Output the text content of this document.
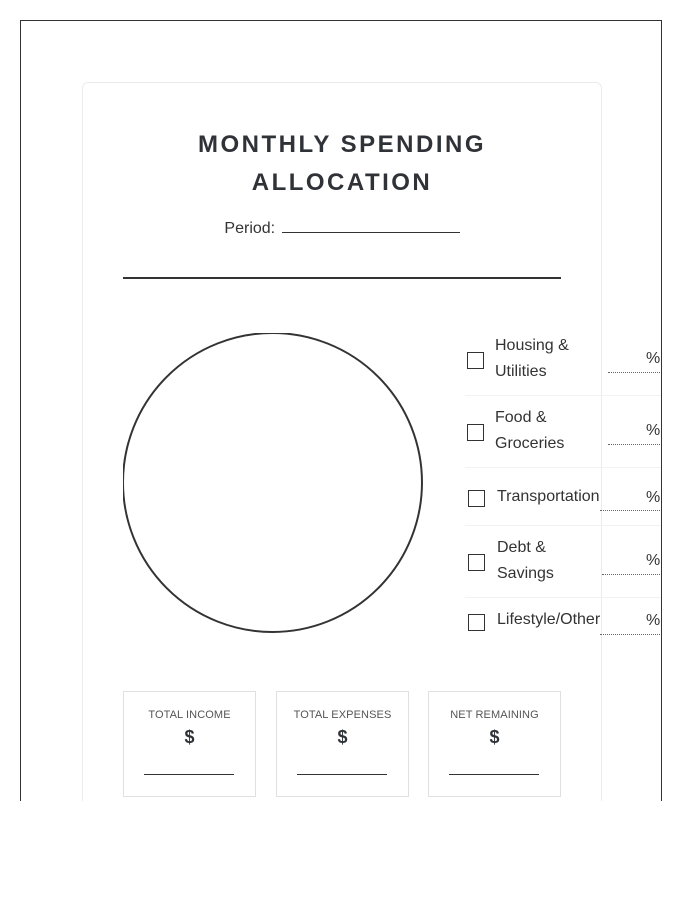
MONTHLY SPENDING
ALLOCATION
Period:
Housing &
Utilities
%
Food &
Groceries
%
Transportation	%
Debt &
Savings
%
Lifestyle/Other	%
TOTAL INCOME
$
TOTAL EXPENSES
$
NET REMAINING
$
